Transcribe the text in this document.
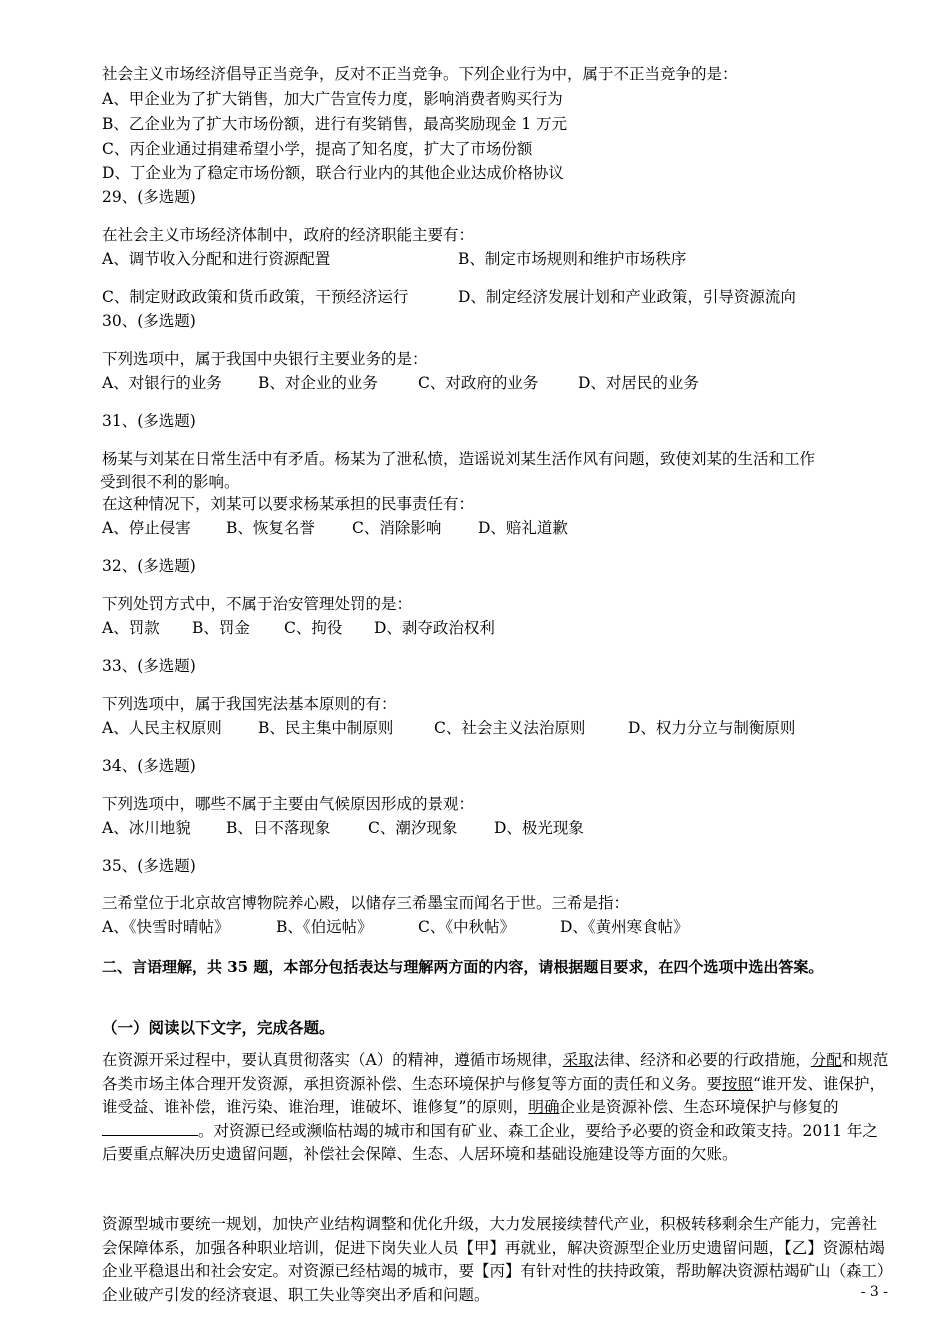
社会主义市场经济倡导正当竞争，反对不正当竞争。下列企业行为中，属于不正当竞争的是：
A、甲企业为了扩大销售，加大广告宣传力度，影响消费者购买行为
B、乙企业为了扩大市场份额，进行有奖销售，最高奖励现金 1 万元
C、丙企业通过捐建希望小学，提高了知名度，扩大了市场份额
D、丁企业为了稳定市场份额，联合行业内的其他企业达成价格协议
29、(多选题)
在社会主义市场经济体制中，政府的经济职能主要有：
A、调节收入分配和进行资源配置	B、制定市场规则和维护市场秩序
C、制定财政政策和货币政策，干预经济运行	D、制定经济发展计划和产业政策，引导资源流向
30、(多选题)
下列选项中，属于我国中央银行主要业务的是：
A、对银行的业务 B、对企业的业务	C、对政府的业务	D、对居民的业务
31、(多选题)
杨某与刘某在日常生活中有矛盾。杨某为了泄私愤，造谣说刘某生活作风有问题，致使刘某的生活和工作
受到很不利的影响。
在这种情况下，刘某可以要求杨某承担的民事责任有：
A、停止侵害 B、恢复名誉 C、消除影响 D、赔礼道歉
32、(多选题)
下列处罚方式中，不属于治安管理处罚的是：
A、罚款 B、罚金 C、拘役 D、剥夺政治权利
33、(多选题)
下列选项中，属于我国宪法基本原则的有：
A、人民主权原则 B、民主集中制原则	C、社会主义法治原则	D、权力分立与制衡原则
34、(多选题)
下列选项中，哪些不属于主要由气候原因形成的景观：
A、冰川地貌 B、日不落现象 C、潮汐现象 D、极光现象
35、(多选题)
三希堂位于北京故宫博物院养心殿，以储存三希墨宝而闻名于世。三希是指：
A、《快雪时晴帖》	B、《伯远帖》	C、《中秋帖》	D、《黄州寒食帖》
二、言语理解，共 35 题，本部分包括表达与理解两方面的内容，请根据题目要求，在四个选项中选出答案。
（一）阅读以下文字，完成各题。

在资源开采过程中，要认真贯彻落实（A）的精神，遵循市场规律，采取法律、经济和必要的行政措施，分配和规范各类市场主体合理开发资源，承担资源补偿、生态环境保护与修复等方面的责任和义务。要按照“谁开发、谁保护，谁受益、谁补偿，谁污染、谁治理，谁破坏、谁修复”的原则，明确企业是资源补偿、生态环境保护与修复的。对资源已经或濒临枯竭的城市和国有矿业、森工企业，要给予必要的资金和政策支持。2011 年之后要重点解决历史遗留问题，补偿社会保障、生态、人居环境和基础设施建设等方面的欠账。

资源型城市要统一规划，加快产业结构调整和优化升级，大力发展接续替代产业，积极转移剩余生产能力，完善社会保障体系，加强各种职业培训，促进下岗失业人员【甲】再就业，解决资源型企业历史遗留问题，【乙】资源枯竭企业平稳退出和社会安定。对资源已经枯竭的城市，要【丙】有针对性的扶持政策，帮助解决资源枯竭矿山（森工）企业破产引发的经济衰退、职工失业等突出矛盾和问题。	- 3 -
